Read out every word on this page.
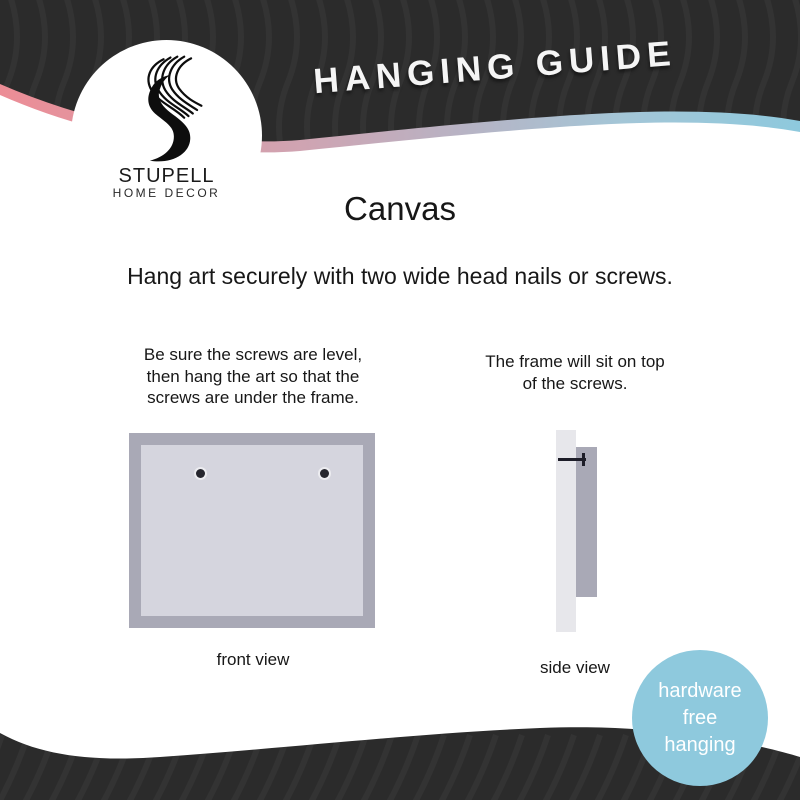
HANGING GUIDE
STUPELL
HOME DECOR	Canvas
Hang art securely with two wide head nails or screws.
Be sure the screws are level,
then hang the art so that the
screws are under the frame.
The frame will sit on top
of the screws.
front view	side view
hardware
free
hanging
